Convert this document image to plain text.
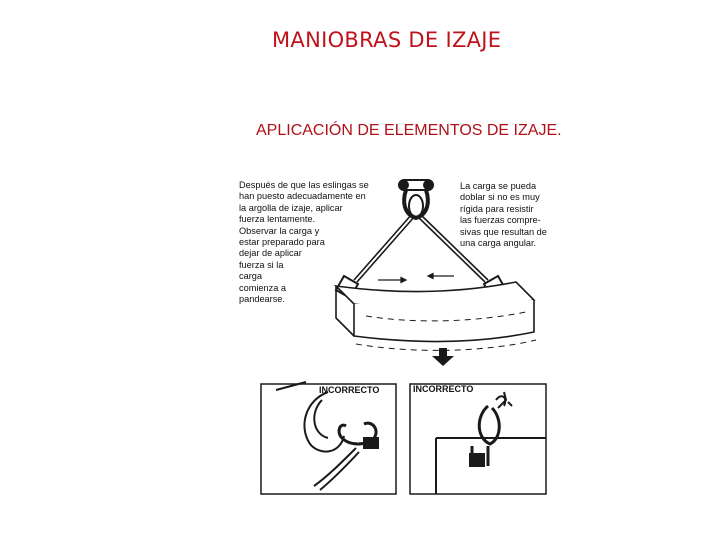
MANIOBRAS DE IZAJE
APLICACIÓN DE ELEMENTOS DE IZAJE.
Después de que las eslingas se
han puesto adecuadamente en
la argolla de izaje, aplicar
fuerza lentamente.
Observar la carga y
estar preparado para
dejar de aplicar
fuerza si la
carga
comienza a
pandearse.
La carga se pueda
doblar si no es muy
rígida para resistir
las fuerzas compre-
sivas que resultan de
una carga angular.
INCORRECTO	INCORRECTO
